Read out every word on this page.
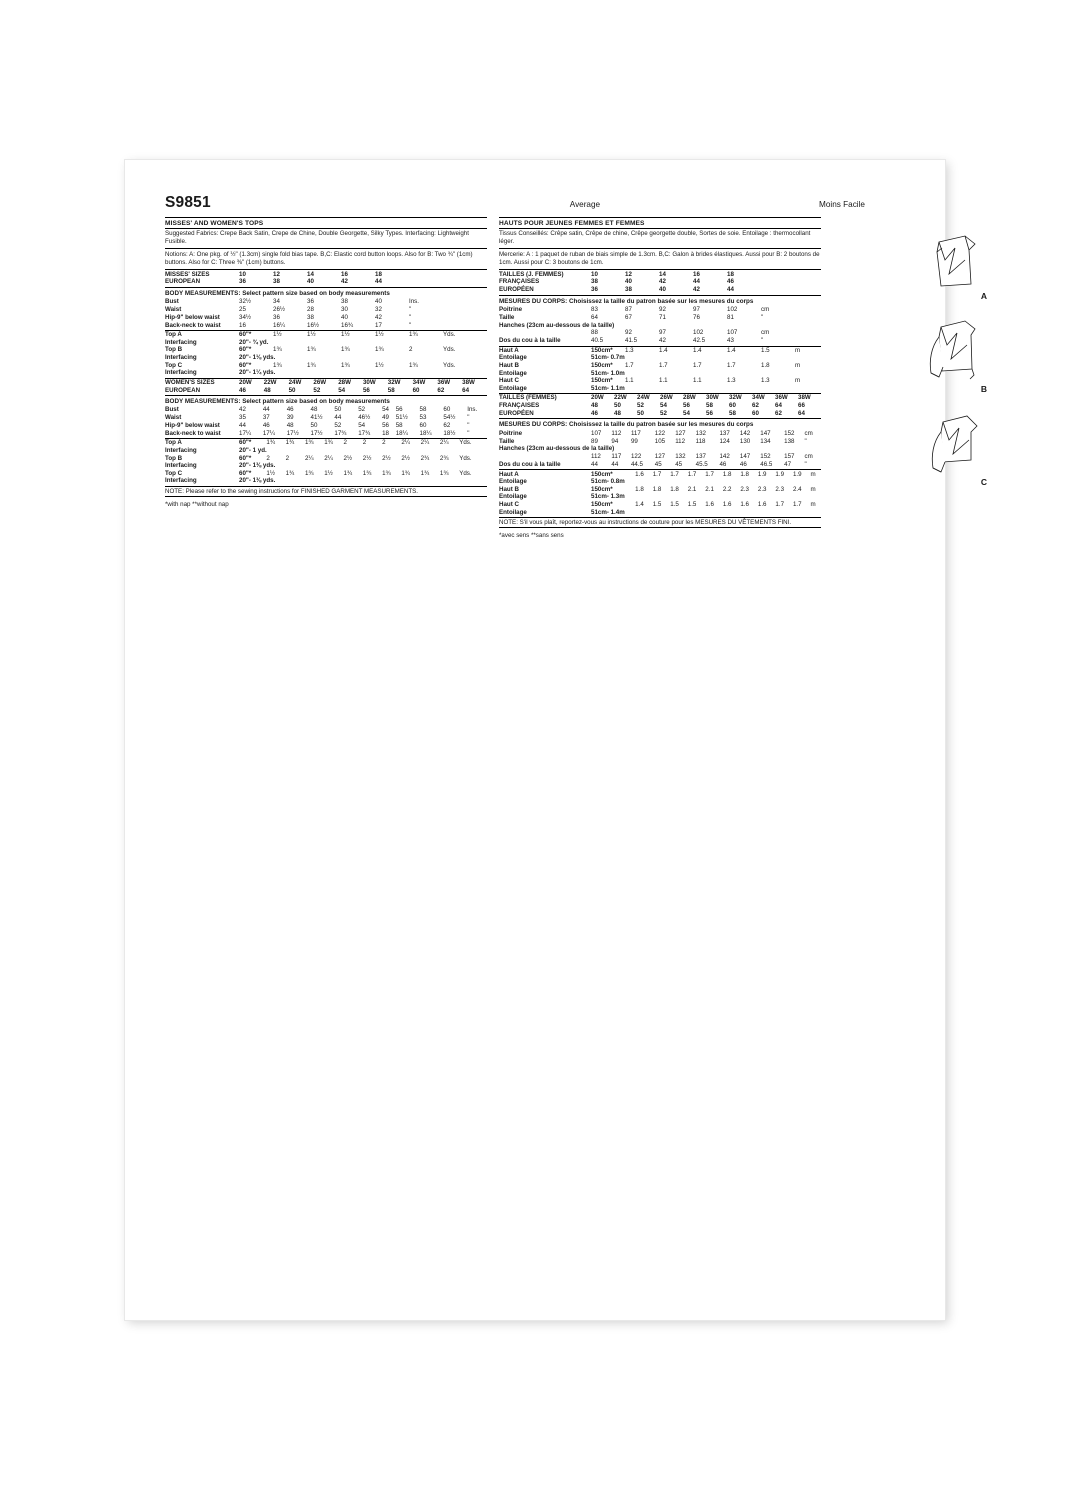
S9851	Average	Moins Facile
MISSES' AND WOMEN'S TOPS
Suggested Fabrics: Crepe Back Satin, Crepe de Chine, Double Georgette, Silky Types. Interfacing: Lightweight Fusible.
Notions: A: One pkg. of ½" (1.3cm) single fold bias tape. B,C: Elastic cord button loops. Also for B: Two ¾" (1cm) buttons. Also for C: Three ⅜" (1cm) buttons.
MISSES' SIZES	10	12	14	16	18	
EUROPEAN	36	38	40	42	44	
BODY MEASUREMENTS: Select pattern size based on body measurements
Bust	32½	34	36	38	40	Ins.
Waist	25	26½	28	30	32	"
Hip-9" below waist	34½	36	38	40	42	"
Back-neck to waist	16	16¼	16½	16¾	17	"
Top A	60"*	1½	1½	1½	1½	1¾	Yds.
Interfacing	20"- ¾ yd.						
Top B	60"*	1¾	1¾	1¾	1¾	2	Yds.
Interfacing	20"- 1⅛ yds.						
Top C	60"*	1¾	1¾	1¾	1½	1¾	Yds.
Interfacing	20"- 1¼ yds.						
WOMEN'S SIZES	20W	22W	24W	26W	28W	30W	32W	34W	36W	38W	
EUROPEAN	46	48	50	52	54	56	58	60	62	64	
BODY MEASUREMENTS: Select pattern size based on body measurements
Bust	42	44	46	48	50	52	54	56	58	60	Ins.
Waist	35	37	39	41½	44	46½	49	51½	53	54½	"
Hip-9" below waist	44	46	48	50	52	54	56	58	60	62	"
Back-neck to waist	17¼	17¼	17½	17½	17¾	17¾	18	18¼	18¼	18½	"
Top A	60"*	1¾	1¾	1¾	1¾	2	2	2	2¼	2¼	2¼	Yds.
Interfacing	20"- 1 yd.											
Top B	60"*	2	2	2¼	2¼	2½	2½	2½	2½	2¾	2¾	Yds.
Interfacing	20"- 1⅜ yds.											
Top C	60"*	1½	1¾	1¾	1½	1¾	1¾	1¾	1¾	1¾	1¾	Yds.
Interfacing	20"- 1⅜ yds.											
NOTE: Please refer to the sewing instructions for FINISHED GARMENT MEASUREMENTS.
*with nap **without nap
HAUTS POUR JEUNES FEMMES ET FEMMES
Tissus Conseillés: Crêpe satin, Crêpe de chine, Crêpe georgette double, Sortes de soie. Entoilage : thermocollant léger.
Mercerie: A : 1 paquet de ruban de biais simple de 1.3cm. B,C: Galon à brides élastiques. Aussi pour B: 2 boutons de 1cm. Aussi pour C: 3 boutons de 1cm.
TAILLES (J. FEMMES)	10	12	14	16	18	
FRANÇAISES	38	40	42	44	46	
EUROPÉEN	36	38	40	42	44	
MESURES DU CORPS: Choisissez la taille du patron basée sur les mesures du corps
Poitrine	83	87	92	97	102	cm
Taille	64	67	71	76	81	"
Hanches (23cm au-dessous de la taille)						
	88	92	97	102	107	cm
Dos du cou à la taille	40.5	41.5	42	42.5	43	"
Haut A	150cm*	1.3	1.4	1.4	1.4	1.5	m
Entoilage	51cm- 0.7m						
Haut B	150cm*	1.7	1.7	1.7	1.7	1.8	m
Entoilage	51cm- 1.0m						
Haut C	150cm*	1.1	1.1	1.1	1.3	1.3	m
Entoilage	51cm- 1.1m						
TAILLES (FEMMES)	20W	22W	24W	26W	28W	30W	32W	34W	36W	38W	
FRANÇAISES	48	50	52	54	56	58	60	62	64	66	
EUROPÉEN	46	48	50	52	54	56	58	60	62	64	
MESURES DU CORPS: Choisissez la taille du patron basée sur les mesures du corps
Poitrine	107	112	117	122	127	132	137	142	147	152	cm
Taille	89	94	99	105	112	118	124	130	134	138	"
Hanches (23cm au-dessous de la taille)											
	112	117	122	127	132	137	142	147	152	157	cm
Dos du cou à la taille	44	44	44.5	45	45	45.5	46	46	46.5	47	"
Haut A	150cm*	1.6	1.7	1.7	1.7	1.7	1.8	1.8	1.9	1.9	1.9	m
Entoilage	51cm- 0.8m											
Haut B	150cm*	1.8	1.8	1.8	2.1	2.1	2.2	2.3	2.3	2.3	2.4	m
Entoilage	51cm- 1.3m											
Haut C	150cm*	1.4	1.5	1.5	1.5	1.6	1.6	1.6	1.6	1.7	1.7	m
Entoilage	51cm- 1.4m											
NOTE: S'il vous plaît, reportez-vous au instructions de couture pour les MESURES DU VÊTEMENTS FINI.
*avec sens **sans sens
A
B
C
